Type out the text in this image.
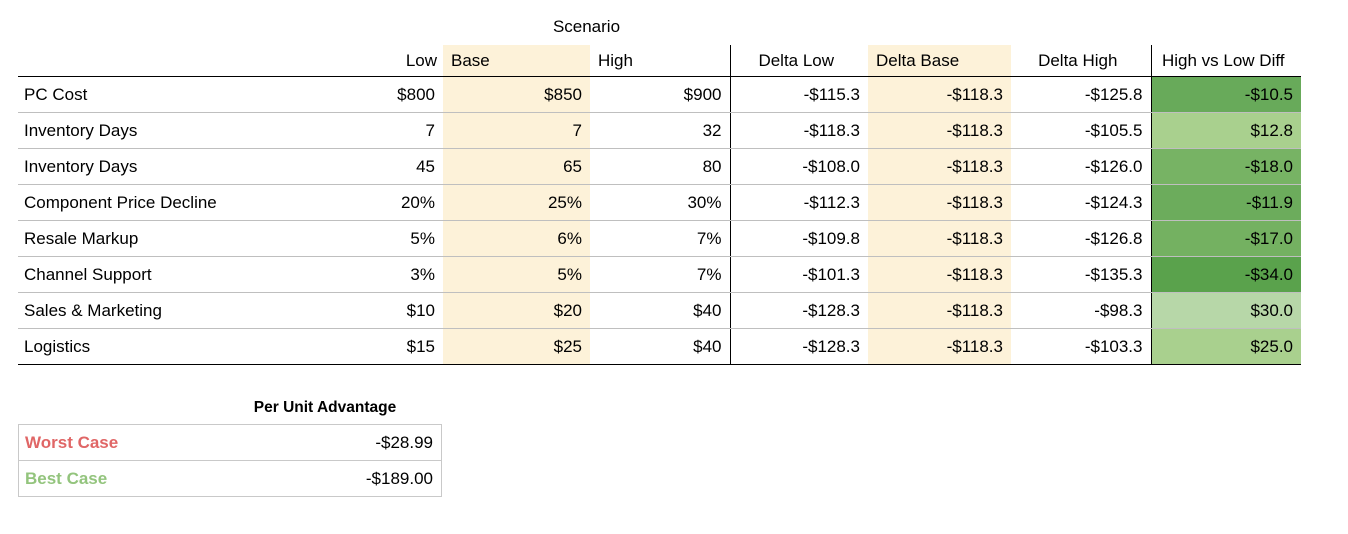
		Scenario					
	Low	Base	High	Delta Low	Delta Base	Delta High	High vs Low Diff
PC Cost	$800	$850	$900	-$115.3	-$118.3	-$125.8	-$10.5
Inventory Days	7	7	32	-$118.3	-$118.3	-$105.5	$12.8
Inventory Days	45	65	80	-$108.0	-$118.3	-$126.0	-$18.0
Component Price Decline	20%	25%	30%	-$112.3	-$118.3	-$124.3	-$11.9
Resale Markup	5%	6%	7%	-$109.8	-$118.3	-$126.8	-$17.0
Channel Support	3%	5%	7%	-$101.3	-$118.3	-$135.3	-$34.0
Sales & Marketing	$10	$20	$40	-$128.3	-$118.3	-$98.3	$30.0
Logistics	$15	$25	$40	-$128.3	-$118.3	-$103.3	$25.0
	Per Unit Advantage
Worst Case	-$28.99
Best Case	-$189.00
